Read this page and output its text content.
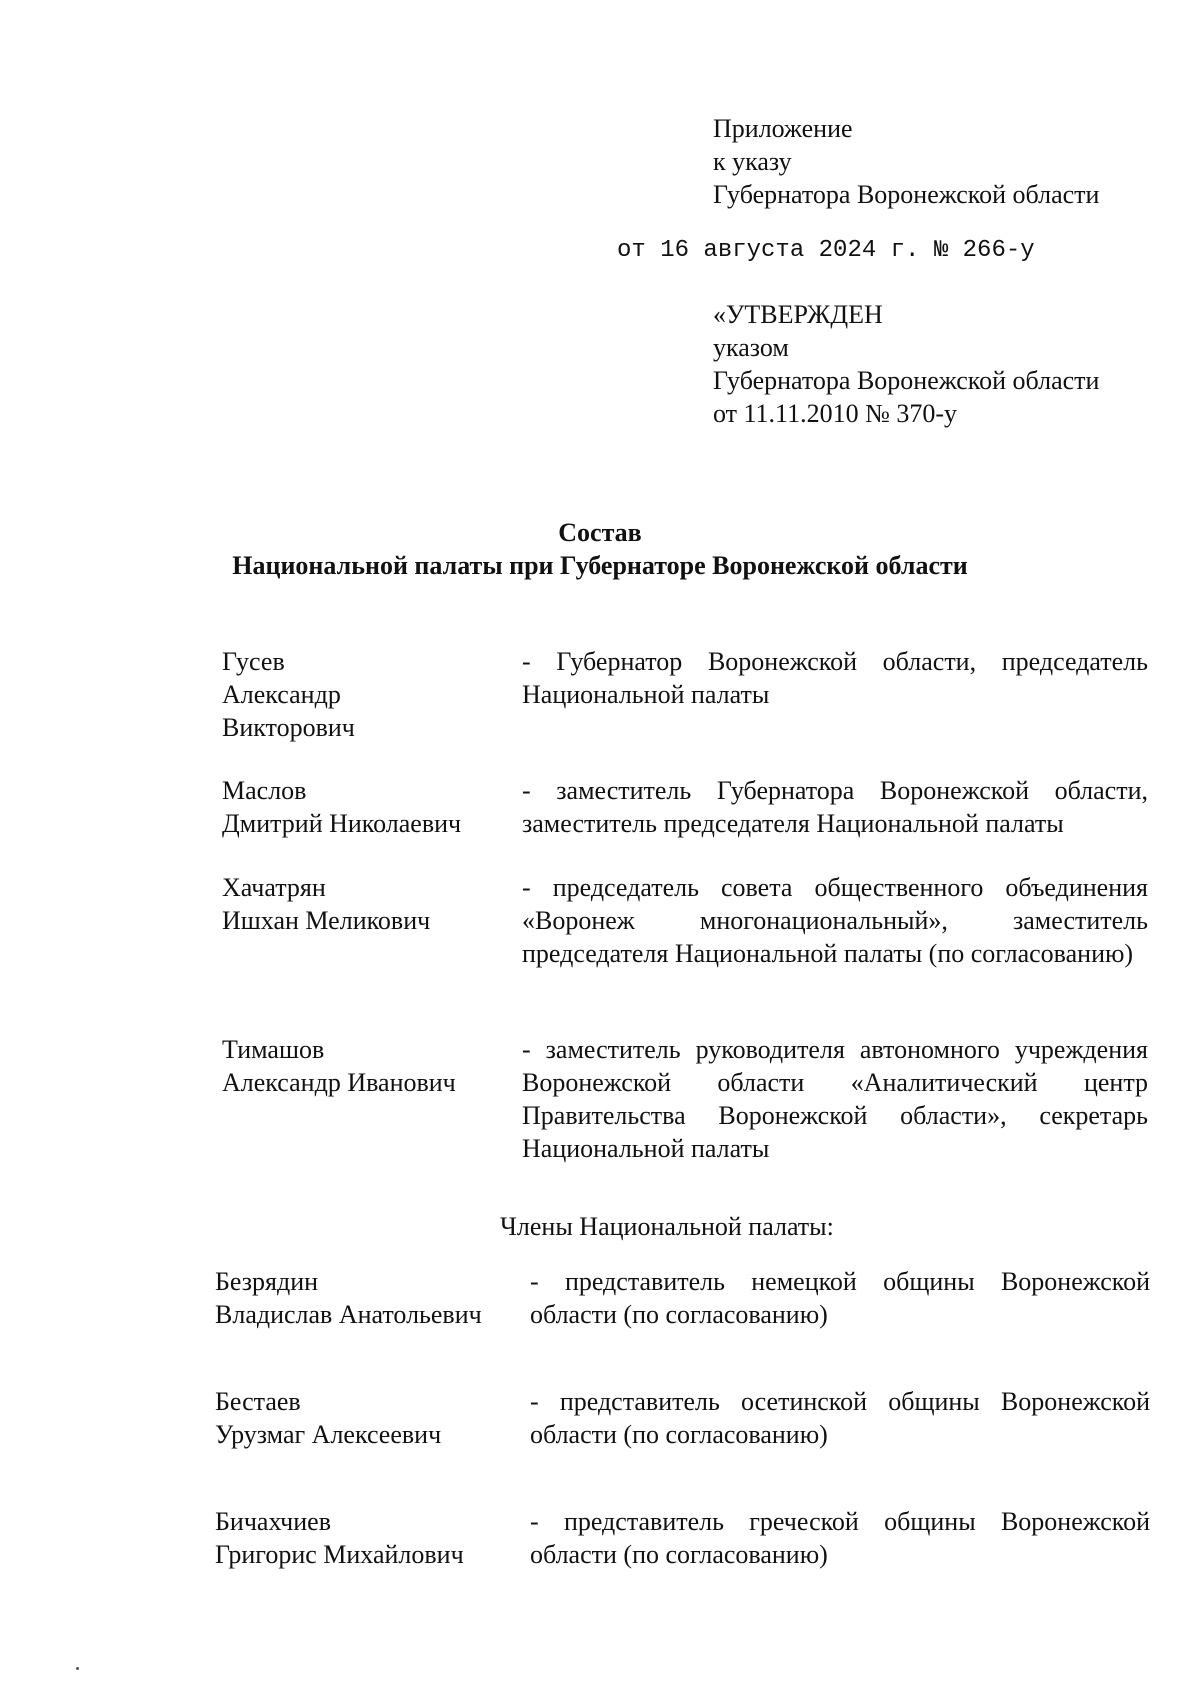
Приложение
к указу
Губернатора Воронежской области
от 16 августа 2024 г. № 266-у
«УТВЕРЖДЕН
указом
Губернатора Воронежской области
от 11.11.2010 № 370-у
Состав
Национальной палаты при Губернаторе Воронежской области
Гусев
Александр
Викторович
- Губернатор Воронежской области, председатель Национальной палаты
Маслов
Дмитрий Николаевич
- заместитель Губернатора Воронежской области, заместитель председателя Национальной палаты
Хачатрян
Ишхан Меликович
- председатель совета общественного объединения «Воронеж многонациональный», заместитель председателя Национальной палаты (по согласованию)
Тимашов
Александр Иванович
- заместитель руководителя автономного учреждения Воронежской области «Аналитический центр Правительства Воронежской области», секретарь Национальной палаты
Члены Национальной палаты:
Безрядин
Владислав Анатольевич
- представитель немецкой общины Воронежской области (по согласованию)
Бестаев
Урузмаг Алексеевич
- представитель осетинской общины Воронежской области (по согласованию)
Бичахчиев
Григорис Михайлович
- представитель греческой общины Воронежской области (по согласованию)
